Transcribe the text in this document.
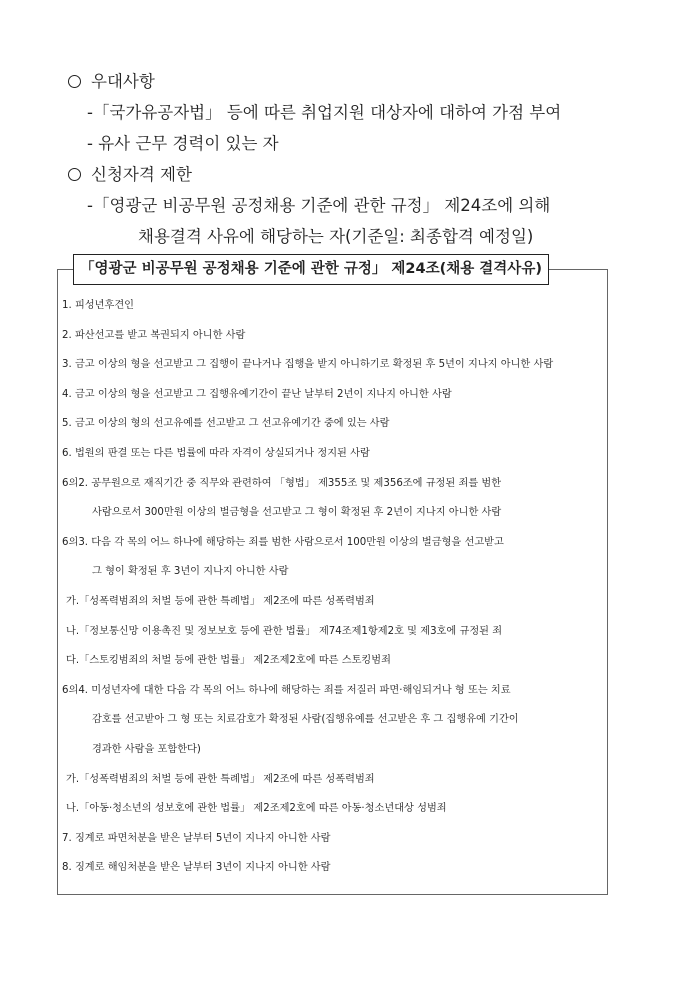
우대사항
-「국가유공자법」 등에 따른 취업지원 대상자에 대하여 가점 부여
- 유사 근무 경력이 있는 자
신청자격 제한
-「영광군 비공무원 공정채용 기준에 관한 규정」 제24조에 의해
채용결격 사유에 해당하는 자(기준일: 최종합격 예정일)
「영광군 비공무원 공정채용 기준에 관한 규정」 제24조(채용 결격사유)
1. 피성년후견인
2. 파산선고를 받고 복권되지 아니한 사람
3. 금고 이상의 형을 선고받고 그 집행이 끝나거나 집행을 받지 아니하기로 확정된 후 5년이 지나지 아니한 사람
4. 금고 이상의 형을 선고받고 그 집행유예기간이 끝난 날부터 2년이 지나지 아니한 사람
5. 금고 이상의 형의 선고유예를 선고받고 그 선고유예기간 중에 있는 사람
6. 법원의 판결 또는 다른 법률에 따라 자격이 상실되거나 정지된 사람
6의2. 공무원으로 재직기간 중 직무와 관련하여 「형법」 제355조 및 제356조에 규정된 죄를 범한
사람으로서 300만원 이상의 벌금형을 선고받고 그 형이 확정된 후 2년이 지나지 아니한 사람
6의3. 다음 각 목의 어느 하나에 해당하는 죄를 범한 사람으로서 100만원 이상의 벌금형을 선고받고
그 형이 확정된 후 3년이 지나지 아니한 사람
가.「성폭력범죄의 처벌 등에 관한 특례법」 제2조에 따른 성폭력범죄
나.「정보통신망 이용촉진 및 정보보호 등에 관한 법률」 제74조제1항제2호 및 제3호에 규정된 죄
다.「스토킹범죄의 처벌 등에 관한 법률」 제2조제2호에 따른 스토킹범죄
6의4. 미성년자에 대한 다음 각 목의 어느 하나에 해당하는 죄를 저질러 파면·해임되거나 형 또는 치료
감호를 선고받아 그 형 또는 치료감호가 확정된 사람(집행유예를 선고받은 후 그 집행유예 기간이
경과한 사람을 포함한다)
가.「성폭력범죄의 처벌 등에 관한 특례법」 제2조에 따른 성폭력범죄
나.「아동·청소년의 성보호에 관한 법률」 제2조제2호에 따른 아동·청소년대상 성범죄
7. 징계로 파면처분을 받은 날부터 5년이 지나지 아니한 사람
8. 징계로 해임처분을 받은 날부터 3년이 지나지 아니한 사람
